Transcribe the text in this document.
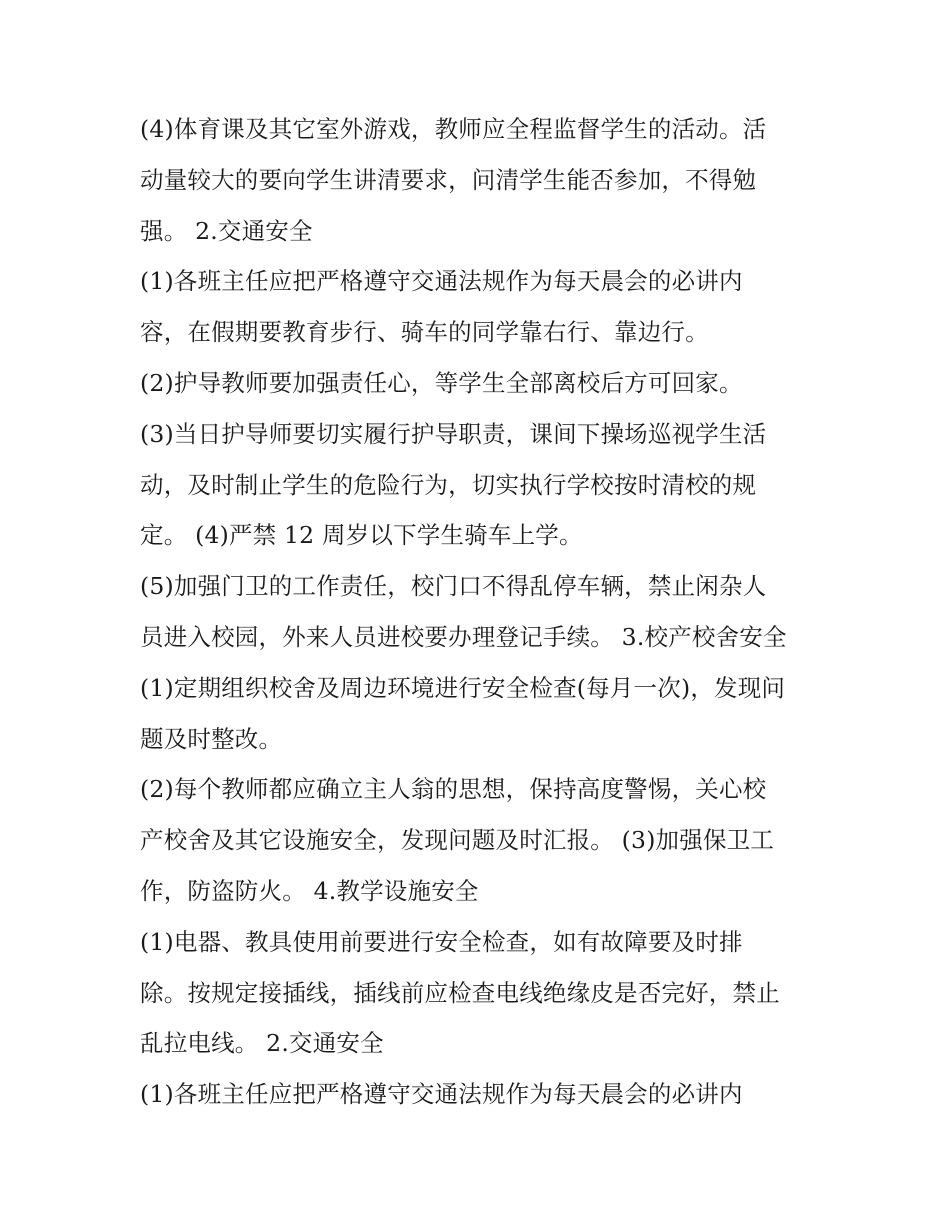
(4)体育课及其它室外游戏，教师应全程监督学生的活动。活
动量较大的要向学生讲清要求，问清学生能否参加，不得勉
强。 2.交通安全
(1)各班主任应把严格遵守交通法规作为每天晨会的必讲内
容，在假期要教育步行、骑车的同学靠右行、靠边行。
(2)护导教师要加强责任心，等学生全部离校后方可回家。
(3)当日护导师要切实履行护导职责，课间下操场巡视学生活
动，及时制止学生的危险行为，切实执行学校按时清校的规
定。 (4)严禁 12 周岁以下学生骑车上学。
(5)加强门卫的工作责任，校门口不得乱停车辆，禁止闲杂人
员进入校园，外来人员进校要办理登记手续。 3.校产校舍安全
(1)定期组织校舍及周边环境进行安全检查(每月一次)，发现问
题及时整改。
(2)每个教师都应确立主人翁的思想，保持高度警惕，关心校
产校舍及其它设施安全，发现问题及时汇报。 (3)加强保卫工
作，防盗防火。 4.教学设施安全
(1)电器、教具使用前要进行安全检查，如有故障要及时排
除。按规定接插线，插线前应检查电线绝缘皮是否完好，禁止
乱拉电线。 2.交通安全
(1)各班主任应把严格遵守交通法规作为每天晨会的必讲内
